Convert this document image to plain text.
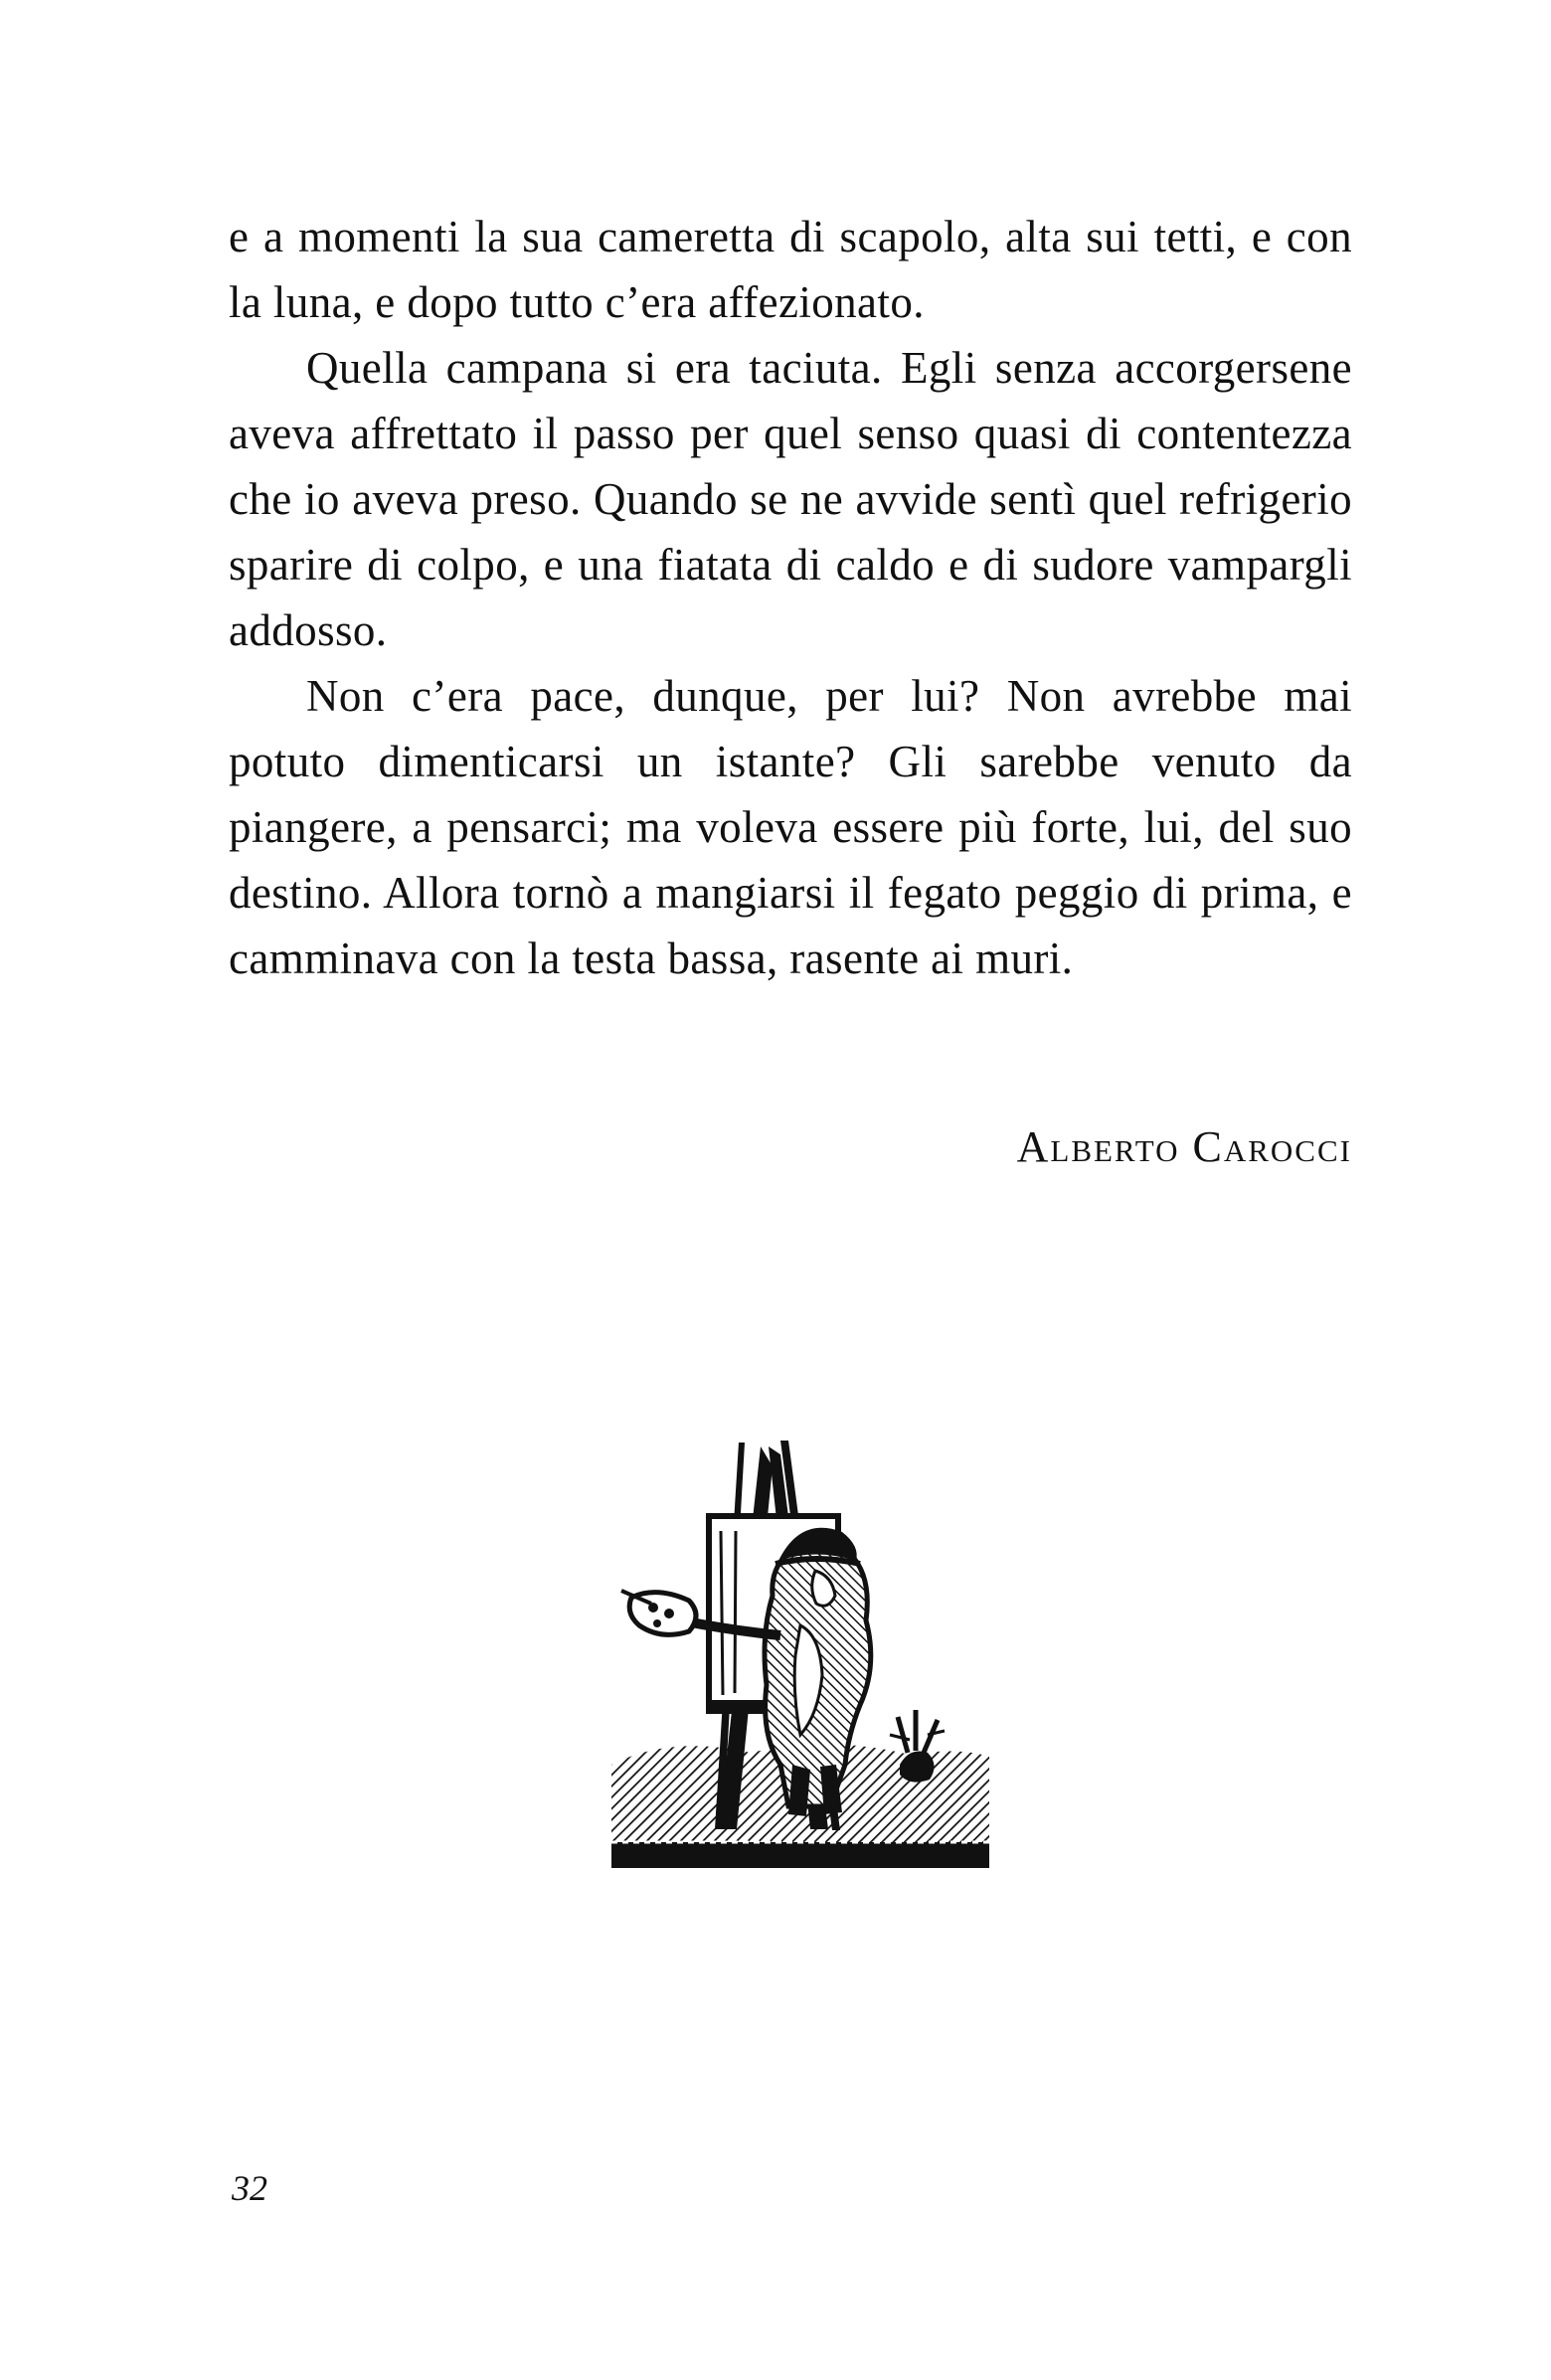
e a momenti la sua cameretta di scapolo, alta sui tetti, e con la luna, e dopo tutto c’era affezionato.

Quella campana si era taciuta. Egli senza accorgersene aveva affrettato il passo per quel senso quasi di contentezza che io aveva preso. Quando se ne avvide sentì quel refrigerio sparire di colpo, e una fiatata di caldo e di sudore vampargli addosso.

Non c’era pace, dunque, per lui? Non avrebbe mai potuto dimenticarsi un istante? Gli sarebbe venuto da piangere, a pensarci; ma voleva essere più forte, lui, del suo destino. Allora tornò a mangiarsi il fegato peggio di prima, e camminava con la testa bassa, rasente ai muri.

Alberto Carocci
32
